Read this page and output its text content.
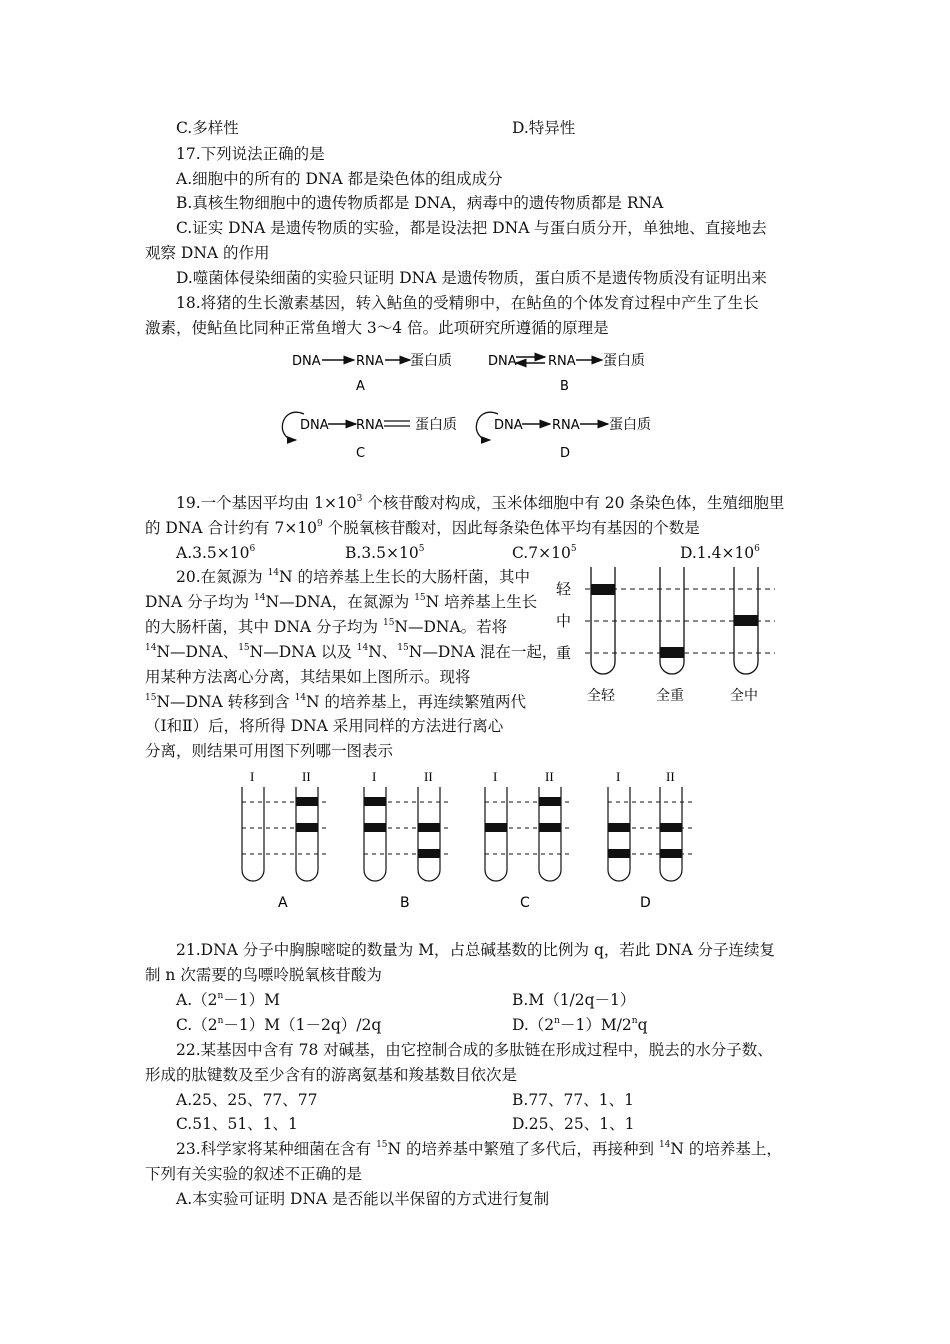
C.多样性	D.特异性
17.下列说法正确的是
A.细胞中的所有的 DNA 都是染色体的组成成分
B.真核生物细胞中的遗传物质都是 DNA，病毒中的遗传物质都是 RNA
C.证实 DNA 是遗传物质的实验，都是设法把 DNA 与蛋白质分开，单独地、直接地去
观察 DNA 的作用
D.噬菌体侵染细菌的实验只证明 DNA 是遗传物质，蛋白质不是遗传物质没有证明出来
18.将猪的生长激素基因，转入鲇鱼的受精卵中，在鲇鱼的个体发育过程中产生了生长
激素，使鲇鱼比同种正常鱼增大 3～4 倍。此项研究所遵循的原理是
DNA	RNA 蛋白质
A
DNA RNA 蛋白质
B
DNA RNA 蛋白质
C
DNA RNA 蛋白质
D
19.一个基因平均由 $1\times 10^3$ 个核苷酸对构成，玉米体细胞中有 20 条染色体，生殖细胞里
的 DNA 合计约有 $7\times 10^9$ 个脱氧核苷酸对，因此每条染色体平均有基因的个数是
$A.3.5\times 10^6$	$B.3.5\times 10^5$	$C.7\times 10^5$	$D.1.4\times 10^6$
20.在氮源为 $^{14}$N 的培养基上生长的大肠杆菌，其中
DNA 分子均为 $^{14}$N—DNA，在氮源为 $^{15}$N 培养基上生长
的大肠杆菌，其中 DNA 分子均为 $^{15}$N—DNA。若将
$^{14}$N—DNA、$^{15}$N—DNA 以及 $^{14}$N、$^{15}$N—DNA 混在一起，
用某种方法离心分离，其结果如上图所示。现将
$^{15}$N—DNA 转移到含 $^{14}$N 的培养基上，再连续繁殖两代
（Ⅰ和Ⅱ）后，将所得 DNA 采用同样的方法进行离心
分离，则结果可用图下列哪一图表示
轻
中
重
全轻	全重	全中
I	II	I	II	I	II	I	II
A	B	C	D
21.DNA 分子中胸腺嘧啶的数量为 M，占总碱基数的比例为 q，若此 DNA 分子连续复
制 n 次需要的鸟嘌呤脱氧核苷酸为
$A.(2^n-1)M$	B.M（1/2q－1）
$C.(2^n-1)M(1-2q)/2q$	$D.(2^n-1)M/2^nq$
22.某基因中含有 78 对碱基，由它控制合成的多肽链在形成过程中，脱去的水分子数、
形成的肽键数及至少含有的游离氨基和羧基数目依次是
A.25、25、77、77	B.77、77、1、1
C.51、51、1、1	D.25、25、1、1
23.科学家将某种细菌在含有 $^{15}$N 的培养基中繁殖了多代后，再接种到 $^{14}$N 的培养基上，
下列有关实验的叙述不正确的是
A.本实验可证明 DNA 是否能以半保留的方式进行复制
